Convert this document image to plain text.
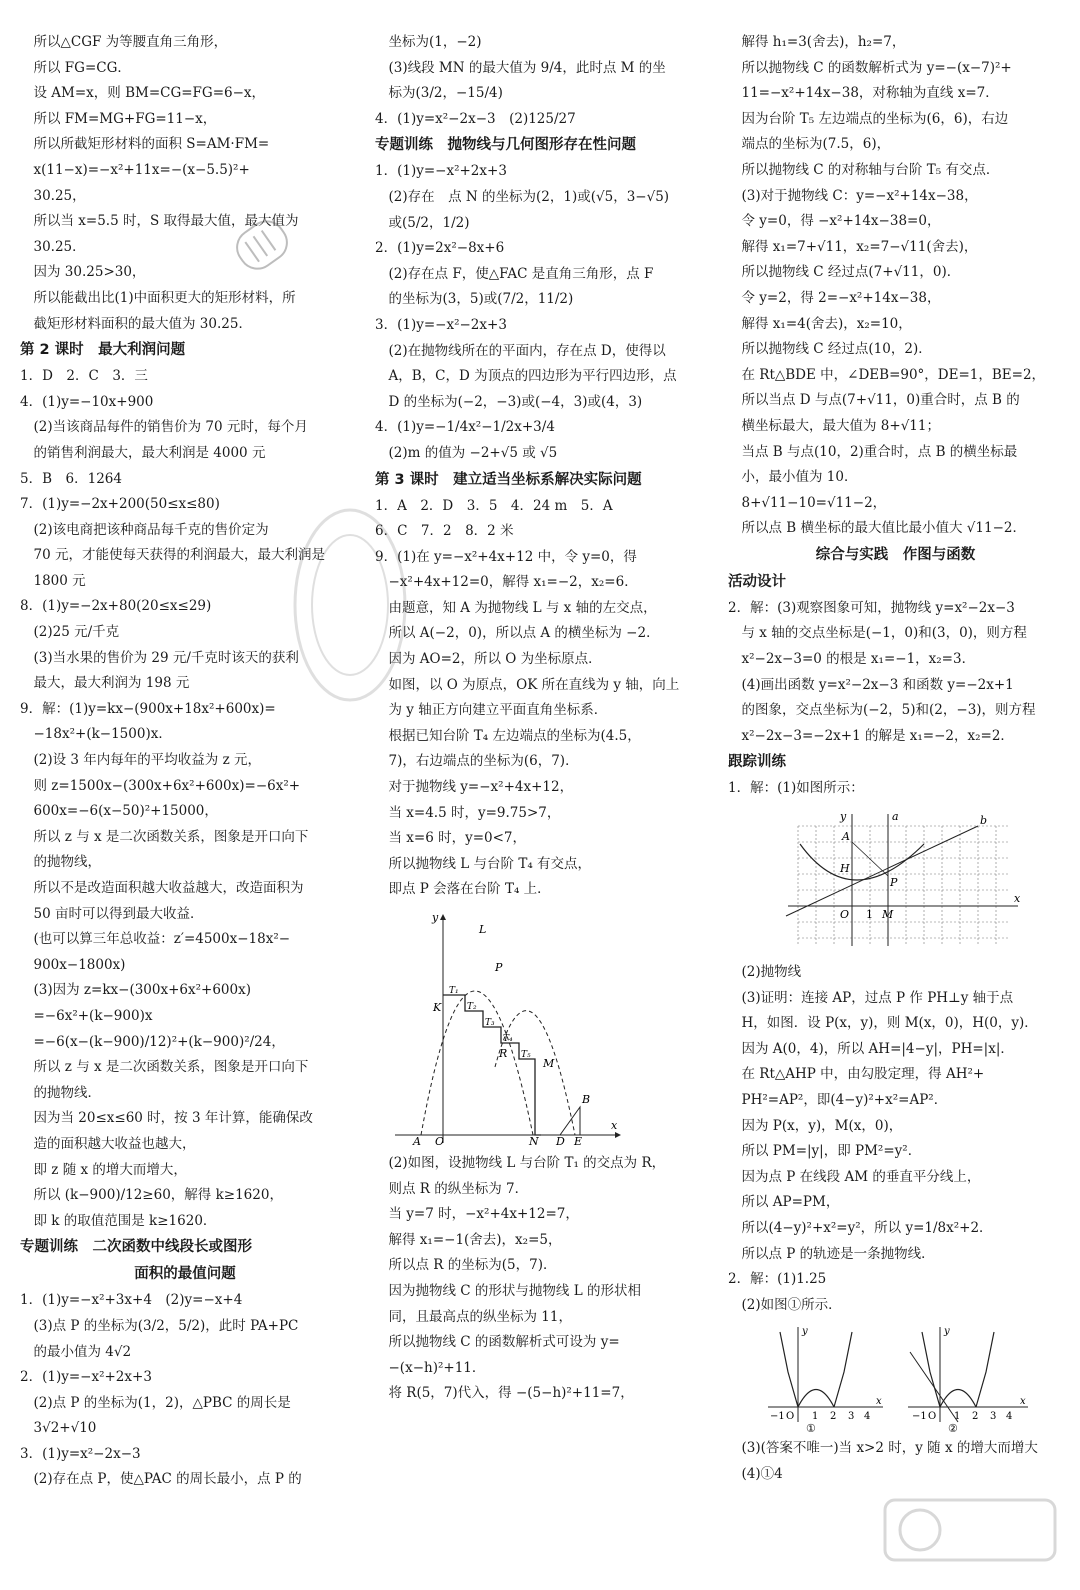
　所以△CGF 为等腰直角三角形，
　所以 FG=CG．
　设 AM=x，则 BM=CG=FG=6−x，
　所以 FM=MG+FG=11−x，
　所以所截矩形材料的面积 S=AM·FM=
　x(11−x)=−x²+11x=−(x−5.5)²+
　30.25，
　所以当 x=5.5 时，S 取得最大值，最大值为
　30.25．
　因为 30.25>30，
　所以能截出比(1)中面积更大的矩形材料，所
　截矩形材料面积的最大值为 30.25．
第 2 课时　最大利润问题
1．D　2．C　3．三
4．(1)y=−10x+900
　(2)当该商品每件的销售价为 70 元时，每个月
　的销售利润最大，最大利润是 4000 元
5．B　6．1264
7．(1)y=−2x+200(50≤x≤80)
　(2)该电商把该种商品每千克的售价定为
　70 元，才能使每天获得的利润最大，最大利润是
　1800 元
8．(1)y=−2x+80(20≤x≤29)
　(2)25 元/千克
　(3)当水果的售价为 29 元/千克时该天的获利
　最大，最大利润为 198 元
9．解：(1)y=kx−(900x+18x²+600x)=
　−18x²+(k−1500)x．
　(2)设 3 年内每年的平均收益为 z 元，
　则 z=1500x−(300x+6x²+600x)=−6x²+
　600x=−6(x−50)²+15000，
　所以 z 与 x 是二次函数关系，图象是开口向下
　的抛物线，
　所以不是改造面积越大收益越大，改造面积为
　50 亩时可以得到最大收益．
　(也可以算三年总收益：z′=4500x−18x²−
　900x−1800x)
　(3)因为 z=kx−(300x+6x²+600x)
　=−6x²+(k−900)x
　=−6(x−(k−900)/12)²+(k−900)²/24，
　所以 z 与 x 是二次函数关系，图象是开口向下
　的抛物线．
　因为当 20≤x≤60 时，按 3 年计算，能确保改
　造的面积越大收益也越大，
　即 z 随 x 的增大而增大，
　所以 (k−900)/12≥60，解得 k≥1620，
　即 k 的取值范围是 k≥1620．
专题训练　二次函数中线段长或图形
面积的最值问题
1．(1)y=−x²+3x+4　(2)y=−x+4
　(3)点 P 的坐标为(3/2，5/2)，此时 PA+PC
　的最小值为 4√2
2．(1)y=−x²+2x+3
　(2)点 P 的坐标为(1，2)，△PBC 的周长是
　3√2+√10
3．(1)y=x²−2x−3
　(2)存在点 P，使△PAC 的周长最小，点 P 的
　坐标为(1，−2)
　(3)线段 MN 的最大值为 9/4，此时点 M 的坐
　标为(3/2，−15/4)
4．(1)y=x²−2x−3　(2)125/27
专题训练　抛物线与几何图形存在性问题
1．(1)y=−x²+2x+3
　(2)存在　点 N 的坐标为(2，1)或(√5，3−√5)
　或(5/2，1/2)
2．(1)y=2x²−8x+6
　(2)存在点 F，使△FAC 是直角三角形，点 F
　的坐标为(3，5)或(7/2，11/2)
3．(1)y=−x²−2x+3
　(2)在抛物线所在的平面内，存在点 D，使得以
　A，B，C，D 为顶点的四边形为平行四边形，点
　D 的坐标为(−2，−3)或(−4，3)或(4，3)
4．(1)y=−1/4x²−1/2x+3/4
　(2)m 的值为 −2+√5 或 √5
第 3 课时　建立适当坐标系解决实际问题
1．A　2．D　3．5　4．24 m　5．A
6．C　7．2　8．2 米
9．(1)在 y=−x²+4x+12 中，令 y=0，得
　−x²+4x+12=0，解得 x₁=−2，x₂=6．
　由题意，知 A 为抛物线 L 与 x 轴的左交点，
　所以 A(−2，0)，所以点 A 的横坐标为 −2．
　因为 AO=2，所以 O 为坐标原点．
　如图，以 O 为原点，OK 所在直线为 y 轴，向上
　为 y 轴正方向建立平面直角坐标系．
　根据已知台阶 T₄ 左边端点的坐标为(4.5，
　7)，右边端点的坐标为(6，7)．
　对于抛物线 y=−x²+4x+12，
　当 x=4.5 时，y=9.75>7，
　当 x=6 时，y=0<7，
　所以抛物线 L 与台阶 T₄ 有交点，
　即点 P 会落在台阶 T₄ 上．
y
L
P
K
T₁
T₂
T₃
T₄
R T₅
M
A O	N D E
B
x
　(2)如图，设抛物线 L 与台阶 T₁ 的交点为 R，
　则点 R 的纵坐标为 7．
　当 y=7 时，−x²+4x+12=7，
　解得 x₁=−1(舍去)，x₂=5，
　所以点 R 的坐标为(5，7)．
　因为抛物线 C 的形状与抛物线 L 的形状相
　同，且最高点的纵坐标为 11，
　所以抛物线 C 的函数解析式可设为 y=
　−(x−h)²+11．
　将 R(5，7)代入，得 −(5−h)²+11=7，
　解得 h₁=3(舍去)，h₂=7，
　所以抛物线 C 的函数解析式为 y=−(x−7)²+
　11=−x²+14x−38，对称轴为直线 x=7．
　因为台阶 T₅ 左边端点的坐标为(6，6)，右边
　端点的坐标为(7.5，6)，
　所以抛物线 C 的对称轴与台阶 T₅ 有交点．
　(3)对于抛物线 C：y=−x²+14x−38，
　令 y=0，得 −x²+14x−38=0，
　解得 x₁=7+√11，x₂=7−√11(舍去)，
　所以抛物线 C 经过点(7+√11，0)．
　令 y=2，得 2=−x²+14x−38，
　解得 x₁=4(舍去)，x₂=10，
　所以抛物线 C 经过点(10，2)．
　在 Rt△BDE 中，∠DEB=90°，DE=1，BE=2，
　所以当点 D 与点(7+√11，0)重合时，点 B 的
　横坐标最大，最大值为 8+√11；
　当点 B 与点(10，2)重合时，点 B 的横坐标最
　小，最小值为 10．
　8+√11−10=√11−2，
　所以点 B 横坐标的最大值比最小值大 √11−2．
综合与实践　作图与函数
活动设计
2．解：(3)观察图象可知，抛物线 y=x²−2x−3
　与 x 轴的交点坐标是(−1，0)和(3，0)，则方程
　x²−2x−3=0 的根是 x₁=−1，x₂=3．
　(4)画出函数 y=x²−2x−3 和函数 y=−2x+1
　的图象，交点坐标为(−2，5)和(2，−3)，则方程
　x²−2x−3=−2x+1 的解是 x₁=−2，x₂=2．
跟踪训练
1．解：(1)如图所示：
y	a	b
A
H
P
O 1 M
x
　(2)抛物线
　(3)证明：连接 AP，过点 P 作 PH⊥y 轴于点
　H，如图．设 P(x，y)，则 M(x，0)，H(0，y)．
　因为 A(0，4)，所以 AH=|4−y|，PH=|x|．
　在 Rt△AHP 中，由勾股定理，得 AH²+
　PH²=AP²，即(4−y)²+x²=AP²．
　因为 P(x，y)，M(x，0)，
　所以 PM=|y|，即 PM²=y²．
　因为点 P 在线段 AM 的垂直平分线上，
　所以 AP=PM，
　所以(4−y)²+x²=y²，所以 y=1/8x²+2．
　所以点 P 的轨迹是一条抛物线．
2．解：(1)1.25
　(2)如图①所示．
y
−1 O 1 2 3 4
x
①
y
−1 O 1 2 3 4
x
②
　(3)(答案不唯一)当 x>2 时，y 随 x 的增大而增大
　(4)①4
